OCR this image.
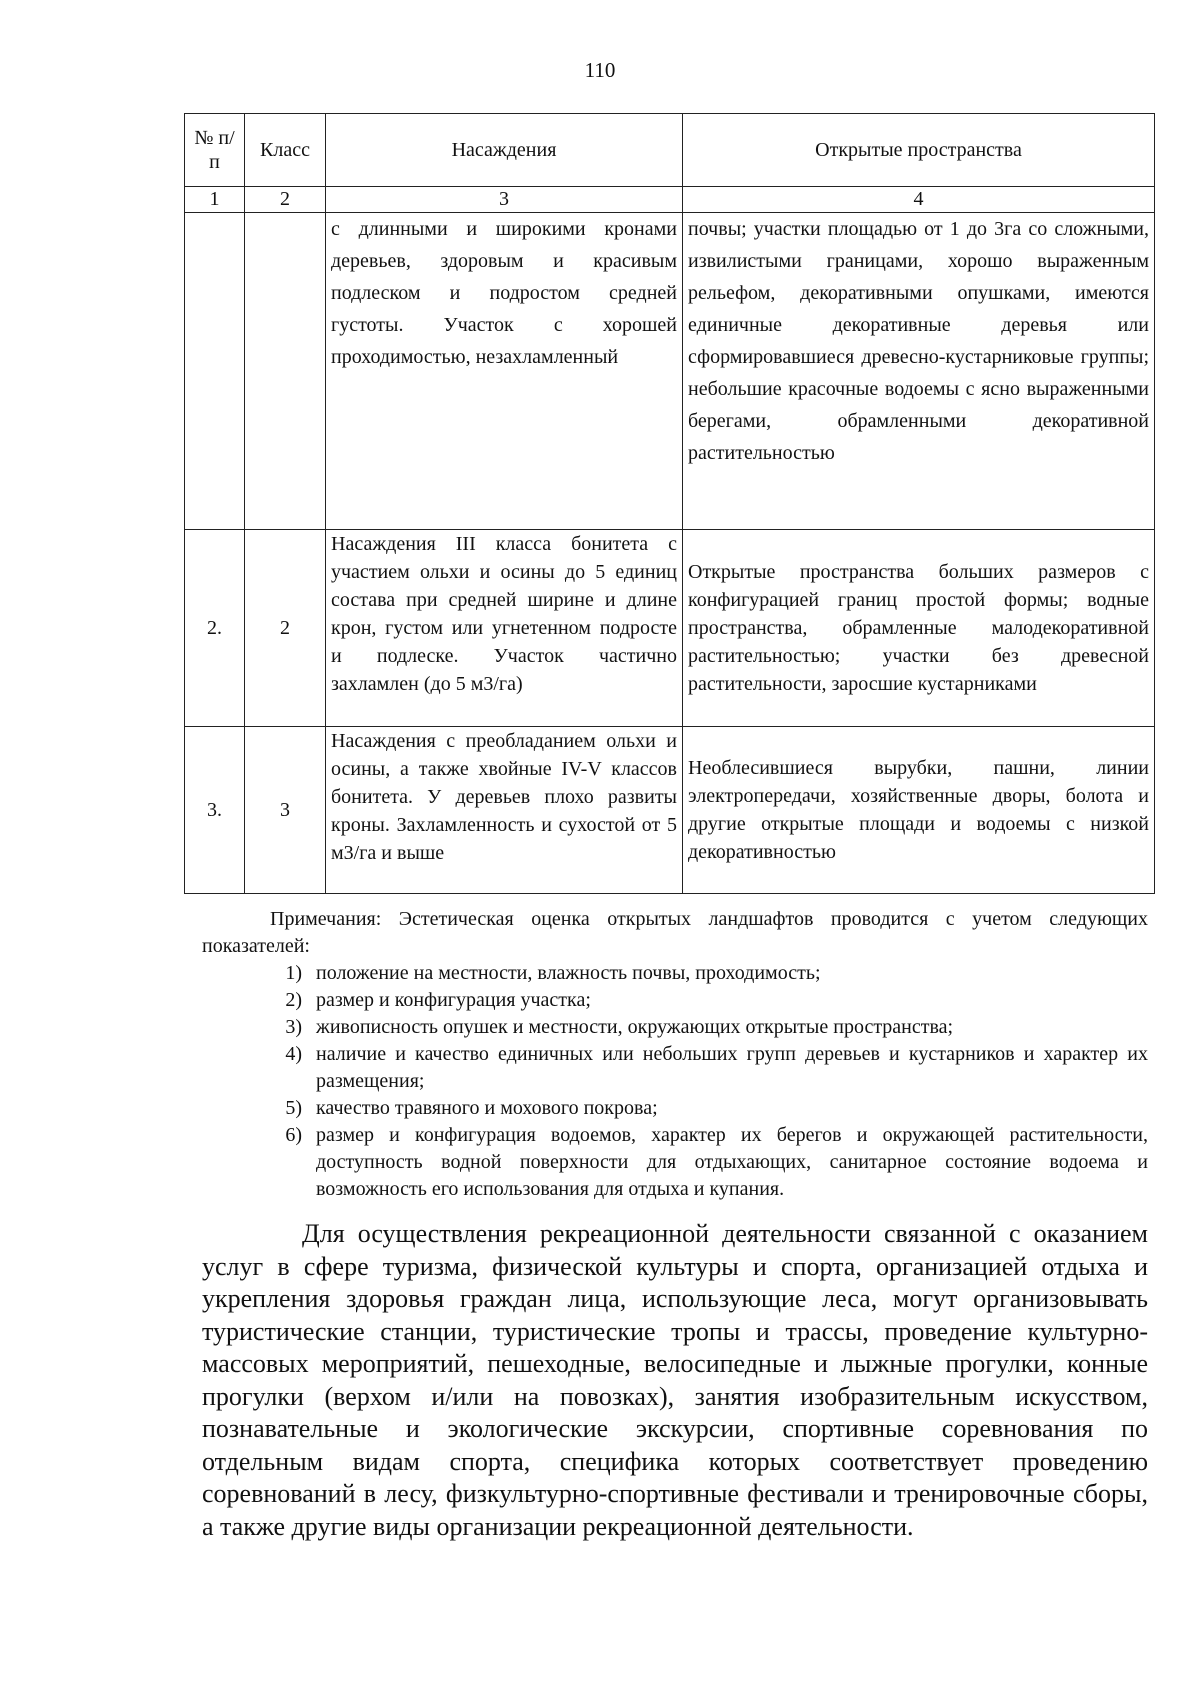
110
№ п/п	Класс	Насаждения	Открытые пространства
1	2	3	4
		с длинными и широкими кронами деревьев, здоровым и красивым подлеском и подростом средней густоты. Участок с хорошей проходимостью, незахламленный	почвы; участки площадью от 1 до 3га со сложными, извилистыми границами, хорошо выраженным рельефом, декоративными опушками, имеются единичные декоративные деревья или сформировавшиеся древесно-кустарниковые группы; небольшие красочные водоемы с ясно выраженными берегами, обрамленными декоративной растительностью
2.	2	Насаждения III класса бонитета с участием ольхи и осины до 5 единиц состава при средней ширине и длине крон, густом или угнетенном подросте и подлеске. Участок частично захламлен (до 5 м3/га)	Открытые пространства больших размеров с конфигурацией границ простой формы; водные пространства, обрамленные малодекоративной растительностью; участки без древесной растительности, заросшие кустарниками
3.	3	Насаждения с преобладанием ольхи и осины, а также хвойные IV-V классов бонитета. У деревьев плохо развиты кроны. Захламленность и сухостой от 5 м3/га и выше	Необлесившиеся вырубки, пашни, линии электропередачи, хозяйственные дворы, болота и другие открытые площади и водоемы с низкой декоративностью

Примечания: Эстетическая оценка открытых ландшафтов проводится с учетом следующих показателей:

1) положение на местности, влажность почвы, проходимость;
2) размер и конфигурация участка;
3) живописность опушек и местности, окружающих открытые пространства;
4) наличие и качество единичных или небольших групп деревьев и кустарников и характер их размещения;
5) качество травяного и мохового покрова;
6) размер и конфигурация водоемов, характер их берегов и окружающей растительности, доступность водной поверхности для отдыхающих, санитарное состояние водоема и возможность его использования для отдыха и купания.

Для осуществления рекреационной деятельности связанной с оказанием услуг в сфере туризма, физической культуры и спорта, организацией отдыха и укрепления здоровья граждан лица, использующие леса, могут организовывать туристические станции, туристические тропы и трассы, проведение культурно-массовых мероприятий, пешеходные, велосипедные и лыжные прогулки, конные прогулки (верхом и/или на повозках), занятия изобразительным искусством, познавательные и экологические экскурсии, спортивные соревнования по отдельным видам спорта, специфика которых соответствует проведению соревнований в лесу, физкультурно-спортивные фестивали и тренировочные сборы, а также другие виды организации рекреационной деятельности.
